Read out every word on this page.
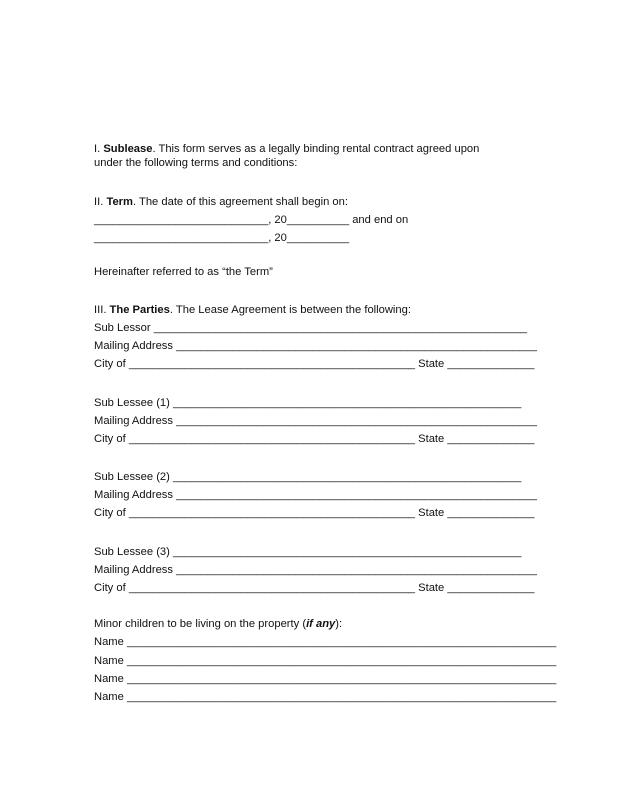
I. Sublease. This form serves as a legally binding rental contract agreed upon

under the following terms and conditions:

II. Term. The date of this agreement shall begin on:
____________________________, 20__________ and end on
____________________________, 20__________
Hereinafter referred to as “the Term”
III. The Parties. The Lease Agreement is between the following:
Sub Lessor ____________________________________________________________
Mailing Address __________________________________________________________
City of ______________________________________________ State ______________
Sub Lessee (1) ________________________________________________________
Mailing Address __________________________________________________________
City of ______________________________________________ State ______________
Sub Lessee (2) ________________________________________________________
Mailing Address __________________________________________________________
City of ______________________________________________ State ______________
Sub Lessee (3) ________________________________________________________
Mailing Address __________________________________________________________
City of ______________________________________________ State ______________
Minor children to be living on the property (if any):
Name _____________________________________________________________________
Name _____________________________________________________________________
Name _____________________________________________________________________
Name _____________________________________________________________________
